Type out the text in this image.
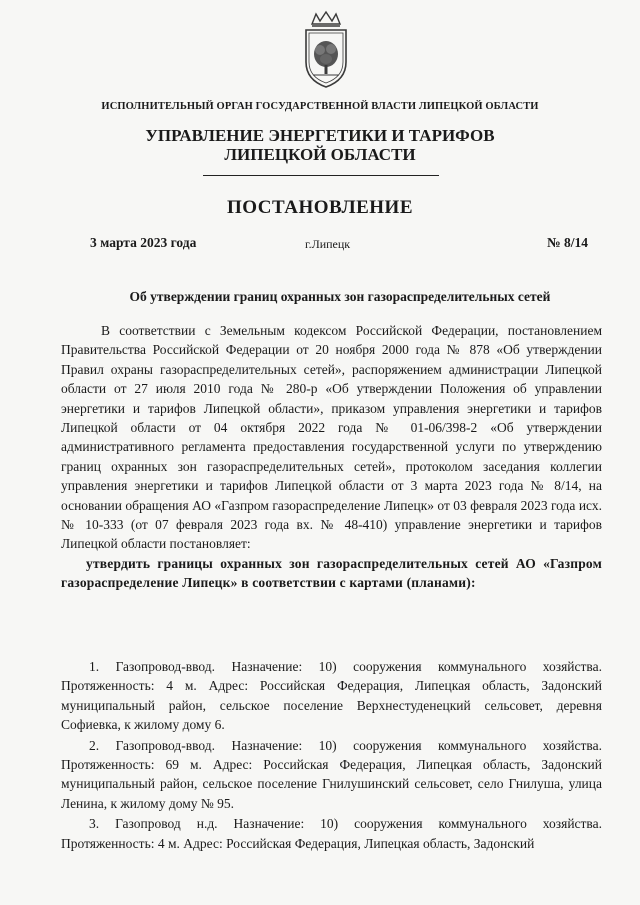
ИСПОЛНИТЕЛЬНЫЙ ОРГАН ГОСУДАРСТВЕННОЙ ВЛАСТИ ЛИПЕЦКОЙ ОБЛАСТИ
УПРАВЛЕНИЕ ЭНЕРГЕТИКИ И ТАРИФОВ
ЛИПЕЦКОЙ ОБЛАСТИ
ПОСТАНОВЛЕНИЕ
3 марта 2023 года	г.Липецк	№ 8/14
Об утверждении границ охранных зон газораспределительных сетей

В соответствии с Земельным кодексом Российской Федерации, постановлением Правительства Российской Федерации от 20 ноября 2000 года № 878 «Об утверждении Правил охраны газораспределительных сетей», распоряжением администрации Липецкой области от 27 июля 2010 года № 280-р «Об утверждении Положения об управлении энергетики и тарифов Липецкой области», приказом управления энергетики и тарифов Липецкой области от 04 октября 2022 года № 01-06/398-2 «Об утверждении административного регламента предоставления государственной услуги по утверждению границ охранных зон газораспределительных сетей», протоколом заседания коллегии управления энергетики и тарифов Липецкой области от 3 марта 2023 года № 8/14, на основании обращения АО «Газпром газораспределение Липецк» от 03 февраля 2023 года исх. № 10-333 (от 07 февраля 2023 года вх. № 48-410) управление энергетики и тарифов Липецкой области постановляет:

утвердить границы охранных зон газораспределительных сетей АО «Газпром газораспределение Липецк» в соответствии с картами (планами):

1. Газопровод-ввод. Назначение: 10) сооружения коммунального хозяйства. Протяженность: 4 м. Адрес: Российская Федерация, Липецкая область, Задонский муниципальный район, сельское поселение Верхнестуденецкий сельсовет, деревня Софиевка, к жилому дому 6.

2. Газопровод-ввод. Назначение: 10) сооружения коммунального хозяйства. Протяженность: 69 м. Адрес: Российская Федерация, Липецкая область, Задонский муниципальный район, сельское поселение Гнилушинский сельсовет, село Гнилуша, улица Ленина, к жилому дому № 95.

3. Газопровод н.д. Назначение: 10) сооружения коммунального хозяйства. Протяженность: 4 м. Адрес: Российская Федерация, Липецкая область, Задонский
